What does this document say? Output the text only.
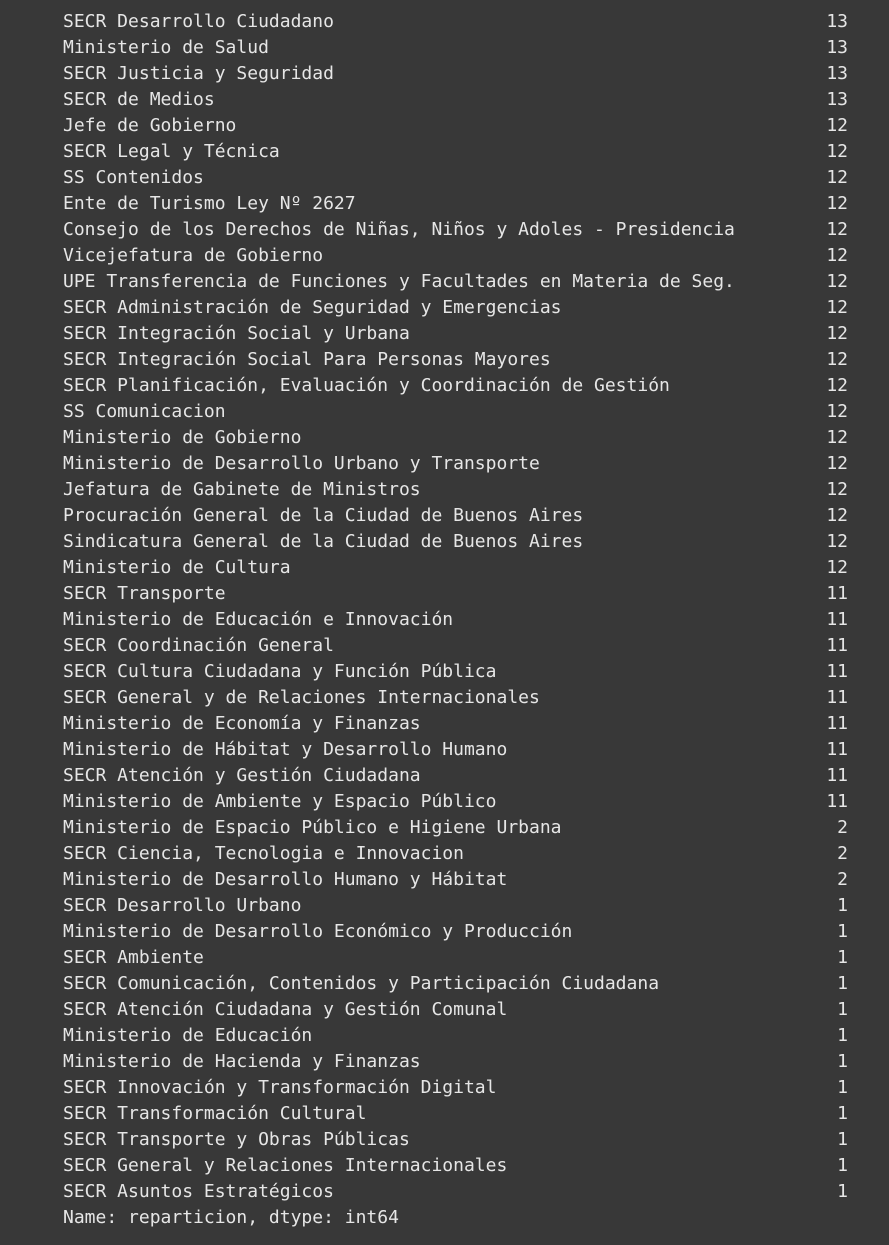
SECR Desarrollo Ciudadano	13
Ministerio de Salud	13
SECR Justicia y Seguridad	13
SECR de Medios	13
Jefe de Gobierno	12
SECR Legal y Técnica	12
SS Contenidos	12
Ente de Turismo Ley Nº 2627	12
Consejo de los Derechos de Niñas, Niños y Adoles - Presidencia	12
Vicejefatura de Gobierno	12
UPE Transferencia de Funciones y Facultades en Materia de Seg.	12
SECR Administración de Seguridad y Emergencias	12
SECR Integración Social y Urbana	12
SECR Integración Social Para Personas Mayores	12
SECR Planificación, Evaluación y Coordinación de Gestión	12
SS Comunicacion	12
Ministerio de Gobierno	12
Ministerio de Desarrollo Urbano y Transporte	12
Jefatura de Gabinete de Ministros	12
Procuración General de la Ciudad de Buenos Aires	12
Sindicatura General de la Ciudad de Buenos Aires	12
Ministerio de Cultura	12
SECR Transporte	11
Ministerio de Educación e Innovación	11
SECR Coordinación General	11
SECR Cultura Ciudadana y Función Pública	11
SECR General y de Relaciones Internacionales	11
Ministerio de Economía y Finanzas	11
Ministerio de Hábitat y Desarrollo Humano	11
SECR Atención y Gestión Ciudadana	11
Ministerio de Ambiente y Espacio Público	11
Ministerio de Espacio Público e Higiene Urbana	2
SECR Ciencia, Tecnologia e Innovacion	2
Ministerio de Desarrollo Humano y Hábitat	2
SECR Desarrollo Urbano	1
Ministerio de Desarrollo Económico y Producción	1
SECR Ambiente	1
SECR Comunicación, Contenidos y Participación Ciudadana	1
SECR Atención Ciudadana y Gestión Comunal	1
Ministerio de Educación	1
Ministerio de Hacienda y Finanzas	1
SECR Innovación y Transformación Digital	1
SECR Transformación Cultural	1
SECR Transporte y Obras Públicas	1
SECR General y Relaciones Internacionales	1
SECR Asuntos Estratégicos	1
Name: reparticion, dtype: int64
